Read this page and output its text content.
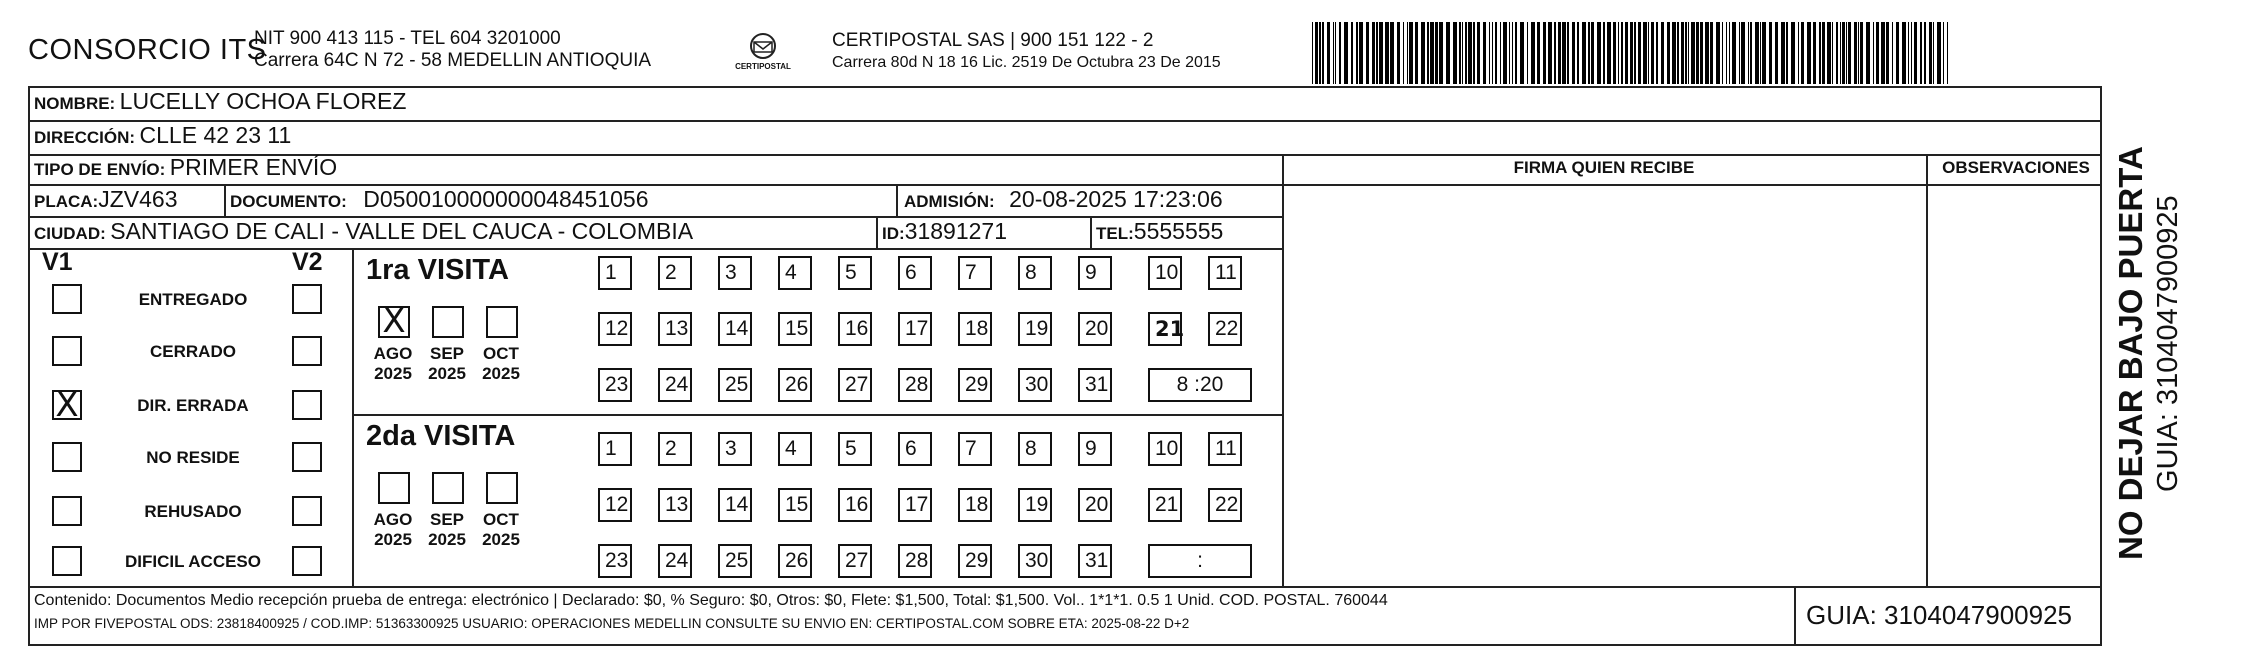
CONSORCIO ITS
NIT 900 413 115 - TEL 604 3201000
Carrera 64C N 72 - 58 MEDELLIN ANTIOQUIA	CERTIPOSTAL
CERTIPOSTAL SAS | 900 151 122 - 2
Carrera 80d N 18 16 Lic. 2519 De Octubra 23 De 2015
NOMBRE: LUCELLY OCHOA FLOREZ
DIRECCIÓN: CLLE 42 23 11
TIPO DE ENVÍO: PRIMER ENVÍO	FIRMA QUIEN RECIBE	OBSERVACIONES
PLACA:JZV463	DOCUMENTO: D050010000000048451056	ADMISIÓN: 20-08-2025 17:23:06
CIUDAD: SANTIAGO DE CALI - VALLE DEL CAUCA - COLOMBIA	ID:31891271	TEL:5555555
V1	V2
ENTREGADO
CERRADO
X	DIR. ERRADA
NO RESIDE
REHUSADO
DIFICIL ACCESO
1ra VISITA
2da VISITA
X
AGO
2025
SEP
2025
OCT
2025
1	2	3	4	5	6	7	8	9	10	11
12	13	14	15	16	17	18	19	20	21	22
23	24	25	26	27	28	29	30	31	8 :20
AGO
2025
SEP
2025
OCT
2025
1	2	3	4	5	6	7	8	9	10	11
12	13	14	15	16	17	18	19	20	21	22
23	24	25	26	27	28	29	30	31	:
Contenido: Documentos Medio recepción prueba de entrega: electrónico | Declarado: $0, % Seguro: $0, Otros: $0, Flete: $1,500, Total: $1,500. Vol.. 1*1*1. 0.5 1 Unid. COD. POSTAL. 760044
IMP POR FIVEPOSTAL ODS: 23818400925 / COD.IMP: 51363300925 USUARIO: OPERACIONES MEDELLIN CONSULTE SU ENVIO EN: CERTIPOSTAL.COM SOBRE ETA: 2025-08-22 D+2	GUIA: 3104047900925
NO DEJAR BAJO PUERTA GUIA: 3104047900925
